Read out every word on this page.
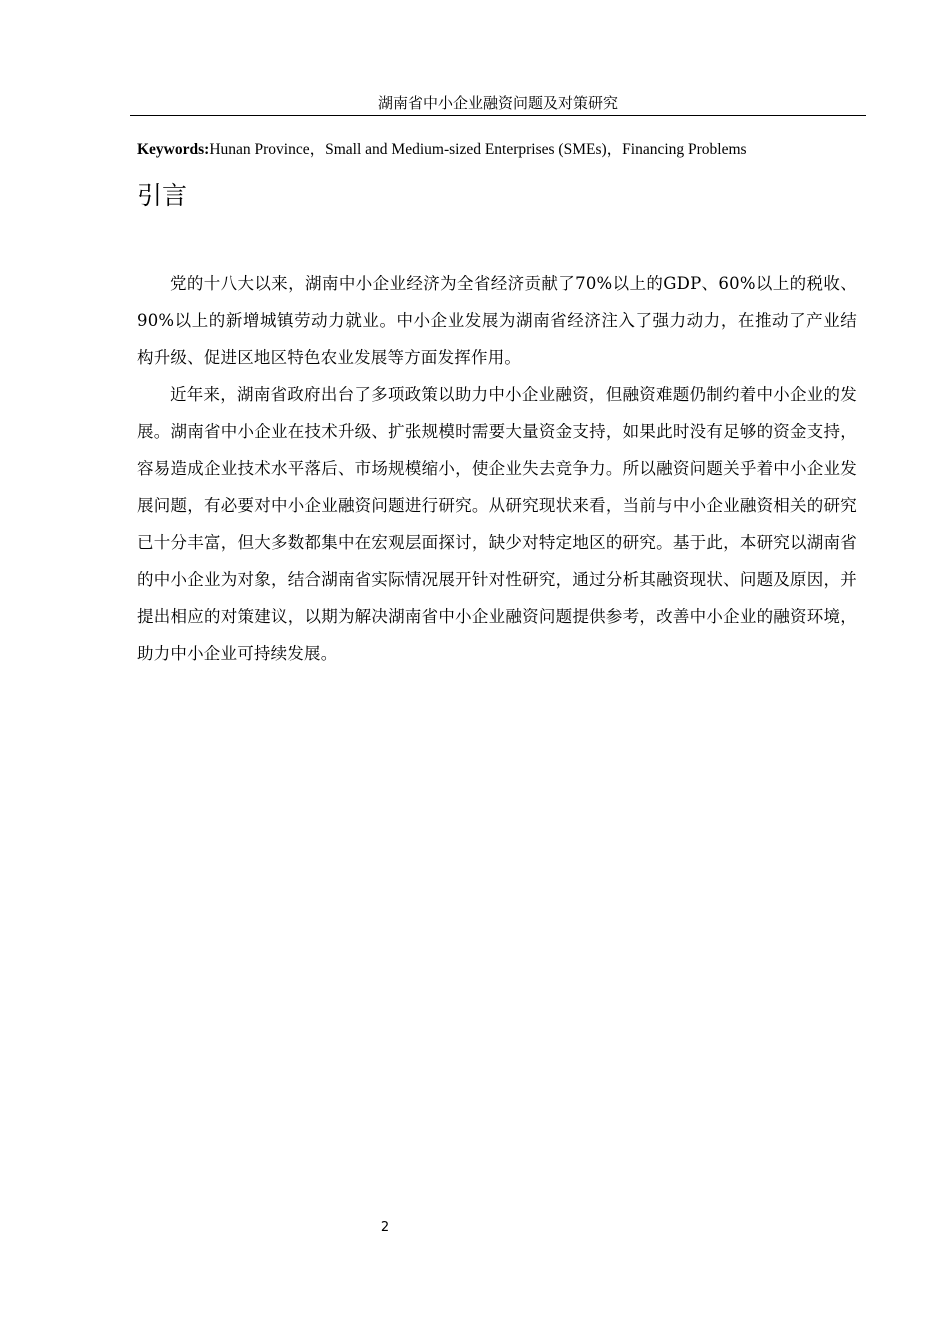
湖南省中小企业融资问题及对策研究
Keywords:Hunan Province，Small and Medium-sized Enterprises (SMEs)，Financing Problems
引言

党的十八大以来，湖南中小企业经济为全省经济贡献了70%以上的GDP、60%以上的税收、90%以上的新增城镇劳动力就业。中小企业发展为湖南省经济注入了强力动力，在推动了产业结构升级、促进区地区特色农业发展等方面发挥作用。

近年来，湖南省政府出台了多项政策以助力中小企业融资，但融资难题仍制约着中小企业的发展。湖南省中小企业在技术升级、扩张规模时需要大量资金支持，如果此时没有足够的资金支持，容易造成企业技术水平落后、市场规模缩小，使企业失去竞争力。所以融资问题关乎着中小企业发展问题，有必要对中小企业融资问题进行研究。从研究现状来看，当前与中小企业融资相关的研究已十分丰富，但大多数都集中在宏观层面探讨，缺少对特定地区的研究。基于此，本研究以湖南省的中小企业为对象，结合湖南省实际情况展开针对性研究，通过分析其融资现状、问题及原因，并提出相应的对策建议，以期为解决湖南省中小企业融资问题提供参考，改善中小企业的融资环境，助力中小企业可持续发展。

2
